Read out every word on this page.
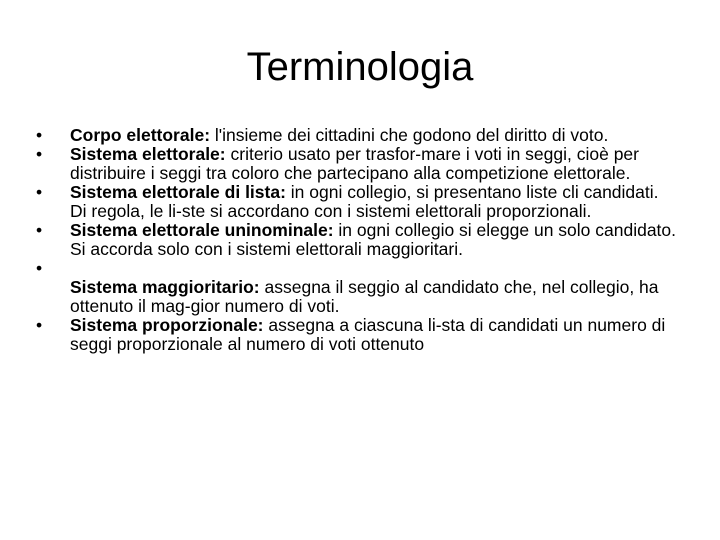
Terminologia
•	Corpo elettorale: l'insieme dei cittadini che godono del diritto di voto.
•	Sistema elettorale: criterio usato per trasfor-mare i voti in seggi, cioè per distribuire i seggi tra coloro che partecipano alla competizione elettorale.
•	Sistema elettorale di lista: in ogni collegio, si presentano liste cli candidati. Di regola, le li-ste si accordano con i sistemi elettorali proporzionali.
•	Sistema elettorale uninominale: in ogni collegio si elegge un solo candidato. Si accorda solo con i sistemi elettorali maggioritari.
•
Sistema maggioritario: assegna il seggio al candidato che, nel collegio, ha ottenuto il mag-gior numero di voti.
•	Sistema proporzionale: assegna a ciascuna li-sta di candidati un numero di seggi proporzionale al numero di voti ottenuto
